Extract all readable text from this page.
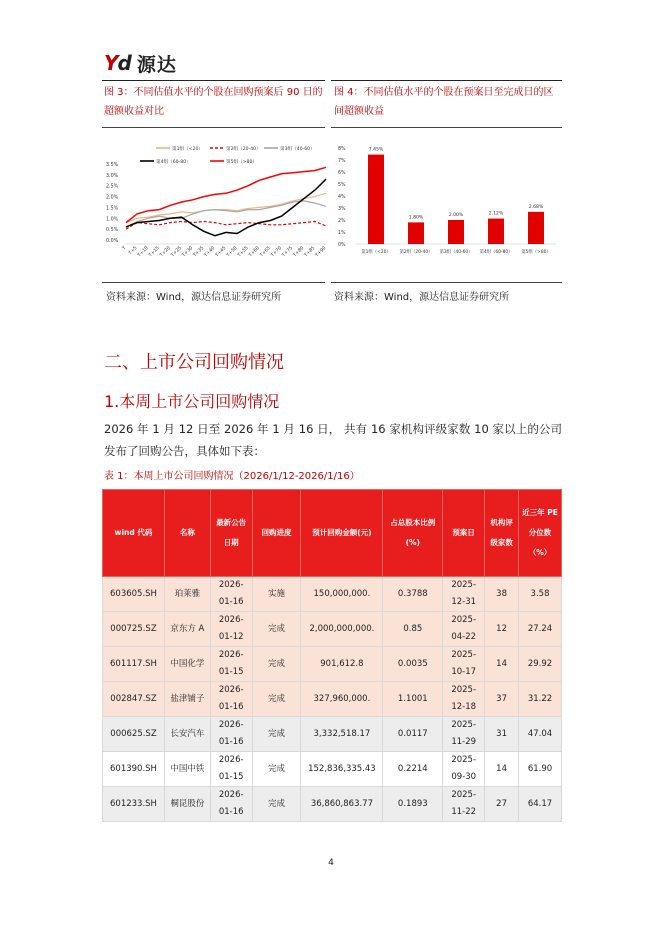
Yd 源达
图 3：不同估值水平的个股在回购预案后 90 日的超额收益对比
第1组（<20）	第2组（20-40）	第3组（40-60）
第4组（60-80）	第5组（>80）
0.0%
0.5%
1.0%
1.5%
2.0%
2.5%
3.0%
3.5%
T T+5
T+10
T+15
T+20
T+25
T+30
T+35
T+40
T+45
T+50
T+55
T+60
T+65
T+70
T+75
T+80
T+85
T+90
资料来源：Wind，源达信息证券研究所
图 4：不同估值水平的个股在预案日至完成日的区间超额收益
0%
1%
2%
3%
4%
5%
6%
7%
8%	7.45%
第1组（<20）
1.80%
第2组（20-40）
2.00%
第3组（40-60）
2.12%
第4组（60-80）
2.68%
第5组（>80）
资料来源：Wind，源达信息证券研究所
二、上市公司回购情况
1.本周上市公司回购情况
2026 年 1 月 12 日至 2026 年 1 月 16 日， 共有 16 家机构评级家数 10 家以上的公司发布了回购公告，具体如下表：
表 1：本周上市公司回购情况（2026/1/12-2026/1/16）
wind 代码	名称	最新公告日期	回购进度	预计回购金额(元)	占总股本比例(%)	预案日	机构评级家数	近三年 PE 分位数（%）
603605.SH	珀莱雅	2026-01-16	实施	150,000,000.	0.3788	2025-12-31	38	3.58
000725.SZ	京东方 A	2026-01-12	完成	2,000,000,000.	0.85	2025-04-22	12	27.24
601117.SH	中国化学	2026-01-15	完成	901,612.8	0.0035	2025-10-17	14	29.92
002847.SZ	盐津铺子	2026-01-16	完成	327,960,000.	1.1001	2025-12-18	37	31.22
000625.SZ	长安汽车	2026-01-16	完成	3,332,518.17	0.0117	2025-11-29	31	47.04
601390.SH	中国中铁	2026-01-15	完成	152,836,335.43	0.2214	2025-09-30	14	61.90
601233.SH	桐昆股份	2026-01-16	完成	36,860,863.77	0.1893	2025-11-22	27	64.17
4
